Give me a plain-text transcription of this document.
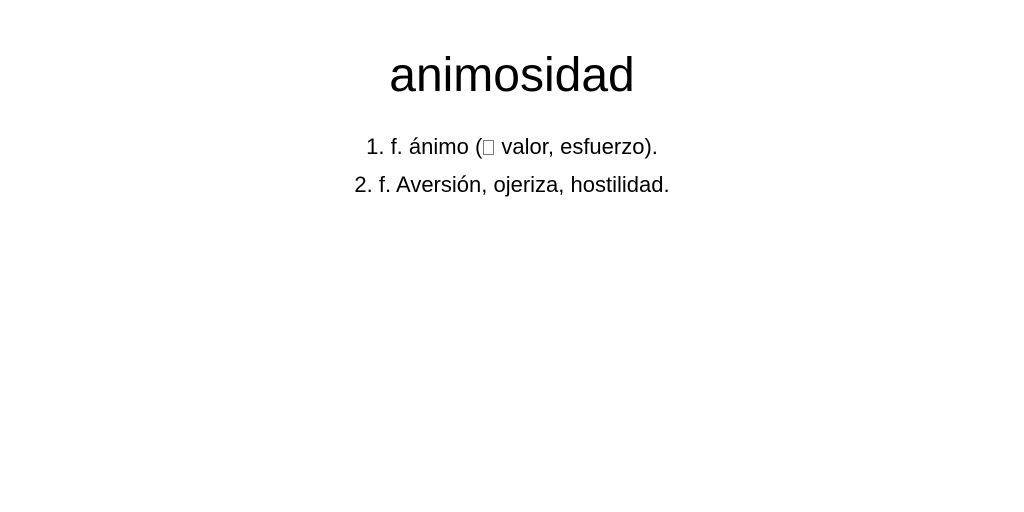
animosidad
1. f. ánimo ( valor, esfuerzo).
2. f. Aversión, ojeriza, hostilidad.
